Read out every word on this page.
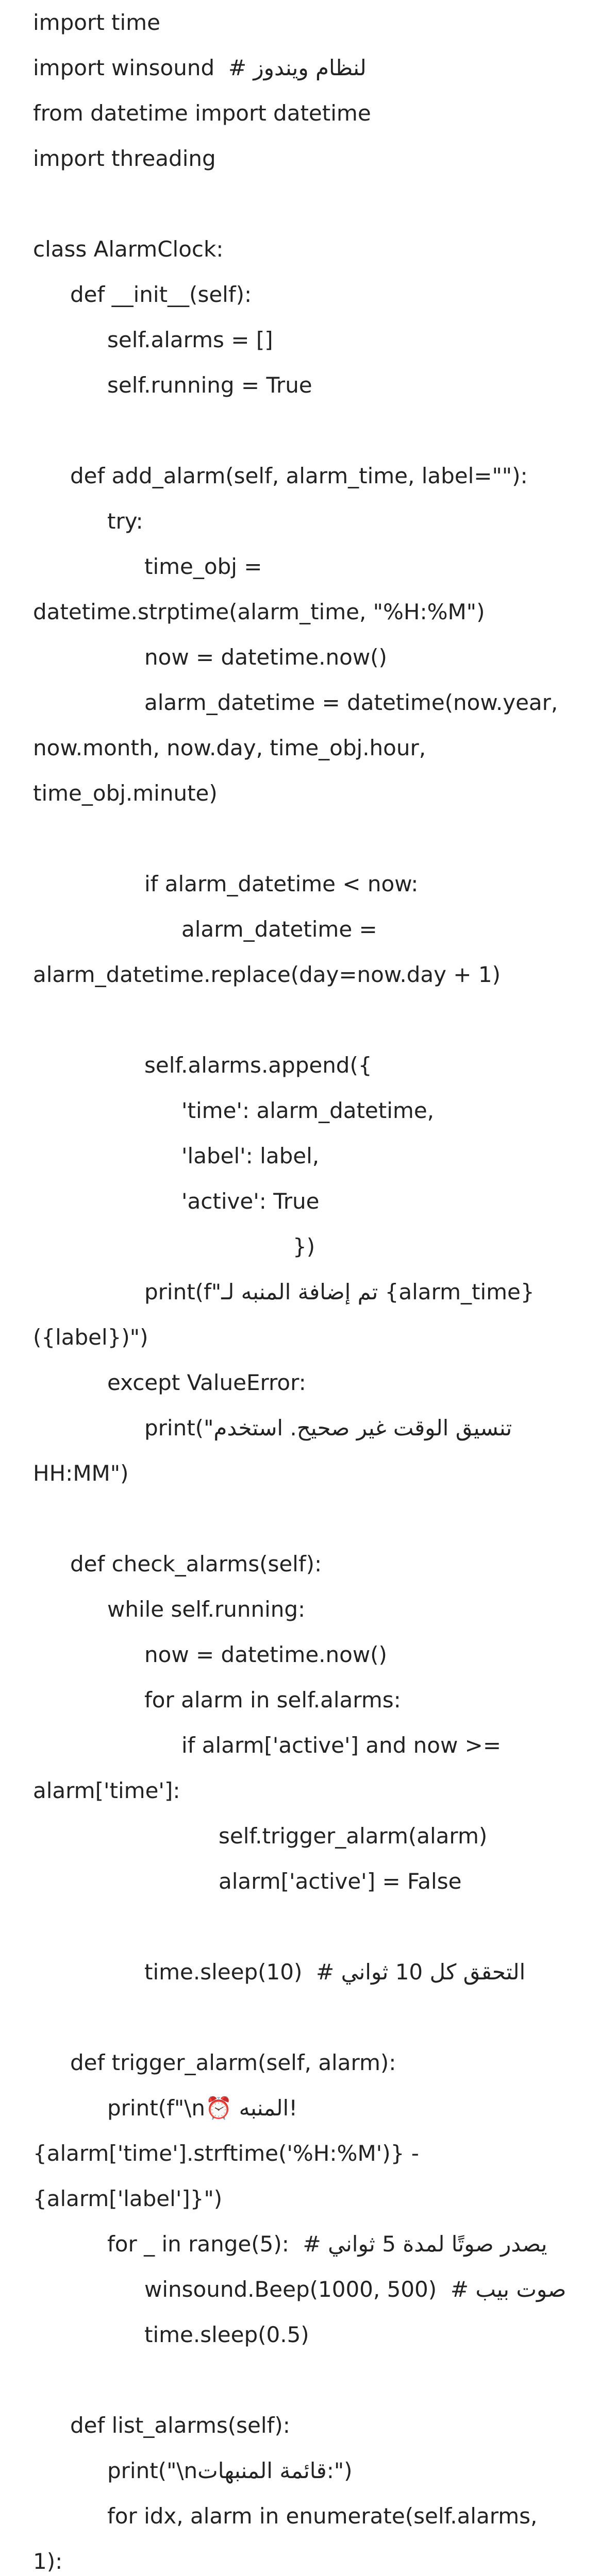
import time
import winsound  # لنظام ويندوز
from datetime import datetime
import threading
class AlarmClock:
def __init__(self):
self.alarms = []
self.running = True
def add_alarm(self, alarm_time, label=""):
try:
time_obj =
datetime.strptime(alarm_time, "%H:%M")
now = datetime.now()
alarm_datetime = datetime(now.year,
now.month, now.day, time_obj.hour,
time_obj.minute)
if alarm_datetime < now:
alarm_datetime =
alarm_datetime.replace(day=now.day + 1)
self.alarms.append({
'time': alarm_datetime,
'label': label,
'active': True
})
print(f"تم إضافة المنبه لـ {alarm_time}
({label})")
except ValueError:
print("تنسيق الوقت غير صحيح. استخدم
HH:MM")
def check_alarms(self):
while self.running:
now = datetime.now()
for alarm in self.alarms:
if alarm['active'] and now >=
alarm['time']:
self.trigger_alarm(alarm)
alarm['active'] = False
time.sleep(10)  # التحقق كل 10 ثواني
def trigger_alarm(self, alarm):
print(f"\n⏰ المنبه!
{alarm['time'].strftime('%H:%M')} -
{alarm['label']}")
for _ in range(5):  # يصدر صوتًا لمدة 5 ثواني
winsound.Beep(1000, 500)  # صوت بيب
time.sleep(0.5)
def list_alarms(self):
print("\nقائمة المنبهات:")
for idx, alarm in enumerate(self.alarms,
1):
